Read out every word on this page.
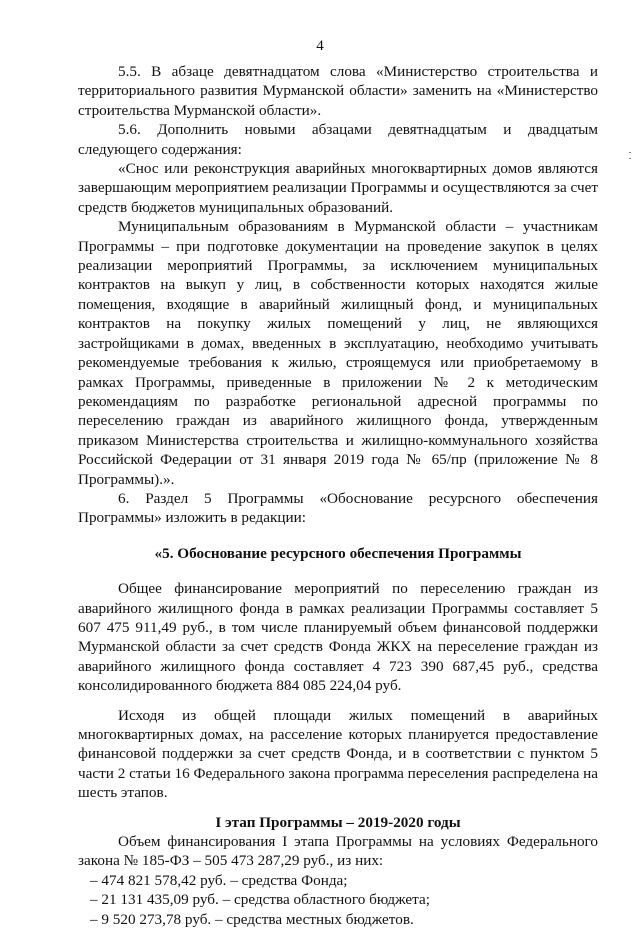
4

5.5. В абзаце девятнадцатом слова «Министерство строительства и территориального развития Мурманской области» заменить на «Министерство строительства Мурманской области».

5.6. Дополнить новыми абзацами девятнадцатым и двадцатым следующего содержания:

«Снос или реконструкция аварийных многоквартирных домов являются завершающим мероприятием реализации Программы и осуществляются за счет средств бюджетов муниципальных образований.

Муниципальным образованиям в Мурманской области – участникам Программы – при подготовке документации на проведение закупок в целях реализации мероприятий Программы, за исключением муниципальных контрактов на выкуп у лиц, в собственности которых находятся жилые помещения, входящие в аварийный жилищный фонд, и муниципальных контрактов на покупку жилых помещений у лиц, не являющихся застройщиками в домах, введенных в эксплуатацию, необходимо учитывать рекомендуемые требования к жилью, строящемуся или приобретаемому в рамках Программы, приведенные в приложении № 2 к методическим рекомендациям по разработке региональной адресной программы по переселению граждан из аварийного жилищного фонда, утвержденным приказом Министерства строительства и жилищно-коммунального хозяйства Российской Федерации от 31 января 2019 года № 65/пр (приложение № 8 Программы).».

6. Раздел 5 Программы «Обоснование ресурсного обеспечения Программы» изложить в редакции:

«5. Обоснование ресурсного обеспечения Программы

Общее финансирование мероприятий по переселению граждан из аварийного жилищного фонда в рамках реализации Программы составляет 5 607 475 911,49 руб., в том числе планируемый объем финансовой поддержки Мурманской области за счет средств Фонда ЖКХ на переселение граждан из аварийного жилищного фонда составляет 4 723 390 687,45 руб., средства консолидированного бюджета 884 085 224,04 руб.

Исходя из общей площади жилых помещений в аварийных многоквартирных домах, на расселение которых планируется предоставление финансовой поддержки за счет средств Фонда, и в соответствии с пунктом 5 части 2 статьи 16 Федерального закона программа переселения распределена на шесть этапов.

I этап Программы – 2019-2020 годы

Объем финансирования I этапа Программы на условиях Федерального закона № 185-ФЗ – 505 473 287,29 руб., из них:

– 474 821 578,42 руб. – средства Фонда;

– 21 131 435,09 руб. – средства областного бюджета;

– 9 520 273,78 руб. – средства местных бюджетов.
